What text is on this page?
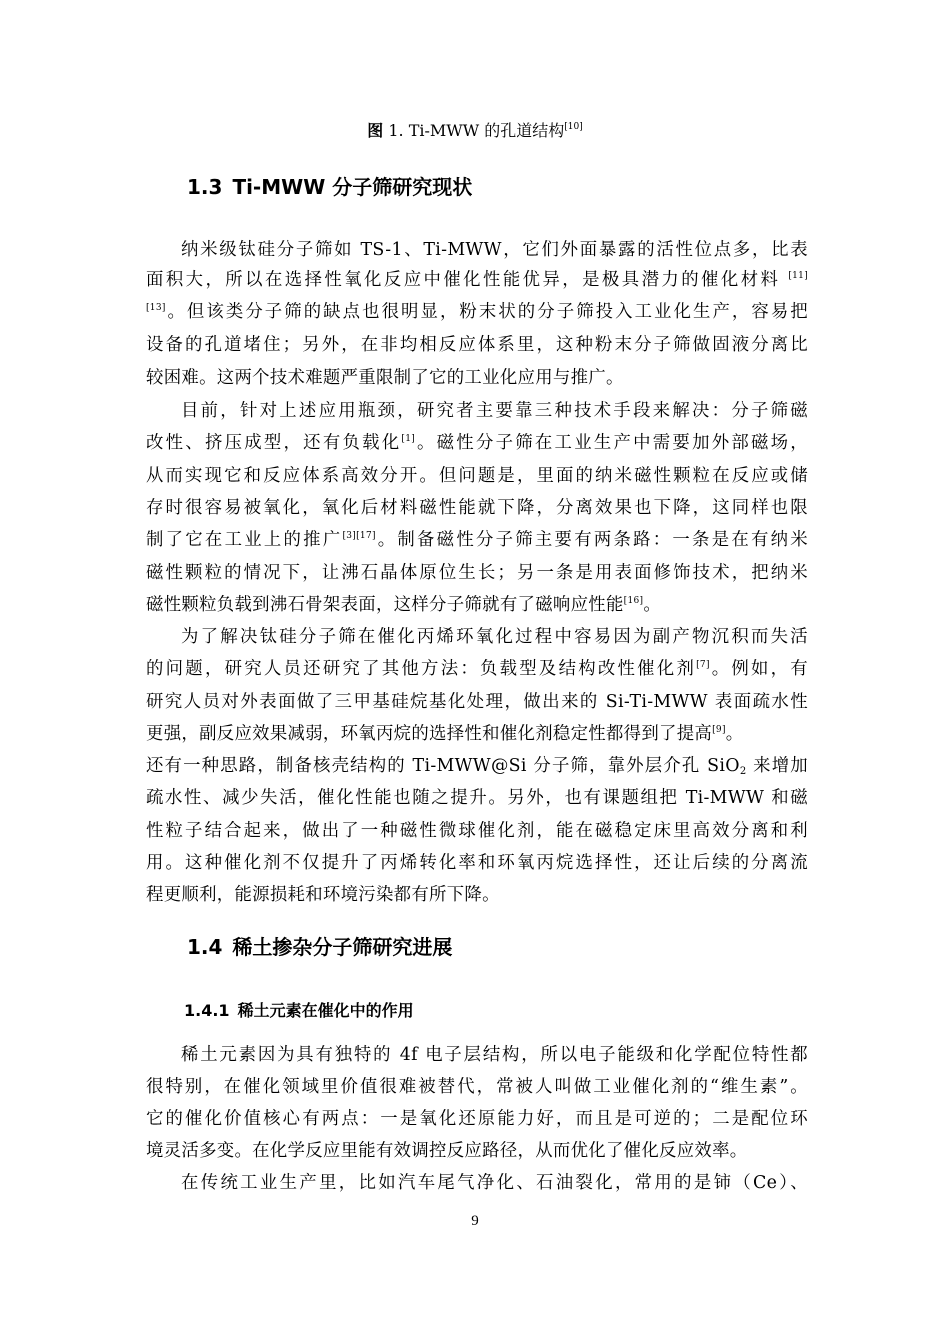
图 1. Ti-MWW 的孔道结构[10]
1.3 Ti-MWW 分子筛研究现状
纳米级钛硅分子筛如 TS-1、Ti-MWW，它们外面暴露的活性位点多，比表
面积大，所以在选择性氧化反应中催化性能优异，是极具潜力的催化材料 [11]
[13]。但该类分子筛的缺点也很明显，粉末状的分子筛投入工业化生产，容易把
设备的孔道堵住；另外，在非均相反应体系里，这种粉末分子筛做固液分离比
较困难。这两个技术难题严重限制了它的工业化应用与推广。
目前，针对上述应用瓶颈，研究者主要靠三种技术手段来解决：分子筛磁
改性、挤压成型，还有负载化[1]。磁性分子筛在工业生产中需要加外部磁场，
从而实现它和反应体系高效分开。但问题是，里面的纳米磁性颗粒在反应或储
存时很容易被氧化，氧化后材料磁性能就下降，分离效果也下降，这同样也限
制了它在工业上的推广[3][17]。制备磁性分子筛主要有两条路：一条是在有纳米
磁性颗粒的情况下，让沸石晶体原位生长；另一条是用表面修饰技术，把纳米
磁性颗粒负载到沸石骨架表面，这样分子筛就有了磁响应性能[16]。
为了解决钛硅分子筛在催化丙烯环氧化过程中容易因为副产物沉积而失活
的问题，研究人员还研究了其他方法：负载型及结构改性催化剂[7]。例如，有
研究人员对外表面做了三甲基硅烷基化处理，做出来的 Si-Ti-MWW 表面疏水性
更强，副反应效果减弱，环氧丙烷的选择性和催化剂稳定性都得到了提高[9]。
还有一种思路，制备核壳结构的 Ti-MWW@Si 分子筛，靠外层介孔 SiO$_2$ 来增加
疏水性、减少失活，催化性能也随之提升。另外，也有课题组把 Ti-MWW 和磁
性粒子结合起来，做出了一种磁性微球催化剂，能在磁稳定床里高效分离和利
用。这种催化剂不仅提升了丙烯转化率和环氧丙烷选择性，还让后续的分离流
程更顺利，能源损耗和环境污染都有所下降。
1.4 稀土掺杂分子筛研究进展
1.4.1 稀土元素在催化中的作用
稀土元素因为具有独特的 4f 电子层结构，所以电子能级和化学配位特性都
很特别，在催化领域里价值很难被替代，常被人叫做工业催化剂的“维生素”。
它的催化价值核心有两点：一是氧化还原能力好，而且是可逆的；二是配位环
境灵活多变。在化学反应里能有效调控反应路径，从而优化了催化反应效率。
在传统工业生产里，比如汽车尾气净化、石油裂化，常用的是铈（Ce）、
9
